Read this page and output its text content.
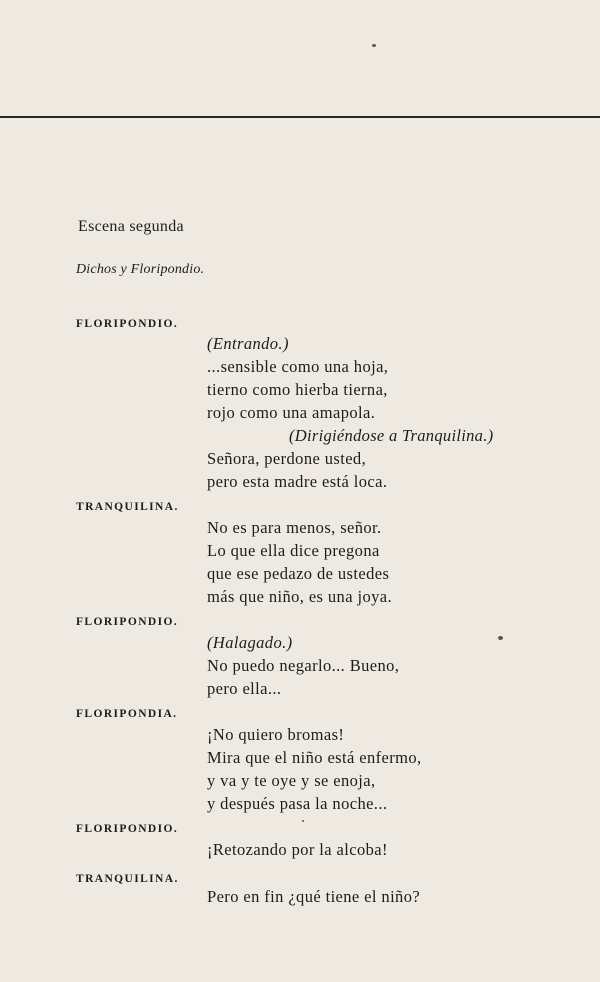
Escena segunda
Dichos y Floripondio.
FLORIPONDIO.
(Entrando.)
...sensible como una hoja,
tierno como hierba tierna,
rojo como una amapola.
(Dirigiéndose a Tranquilina.)
Señora, perdone usted,
pero esta madre está loca.
TRANQUILINA.
No es para menos, señor.
Lo que ella dice pregona
que ese pedazo de ustedes
más que niño, es una joya.
FLORIPONDIO.
(Halagado.)
No puedo negarlo... Bueno,
pero ella...
FLORIPONDIA.
¡No quiero bromas!
Mira que el niño está enfermo,
y va y te oye y se enoja,
y después pasa la noche...
FLORIPONDIO.
¡Retozando por la alcoba!
TRANQUILINA.
Pero en fin ¿qué tiene el niño?
